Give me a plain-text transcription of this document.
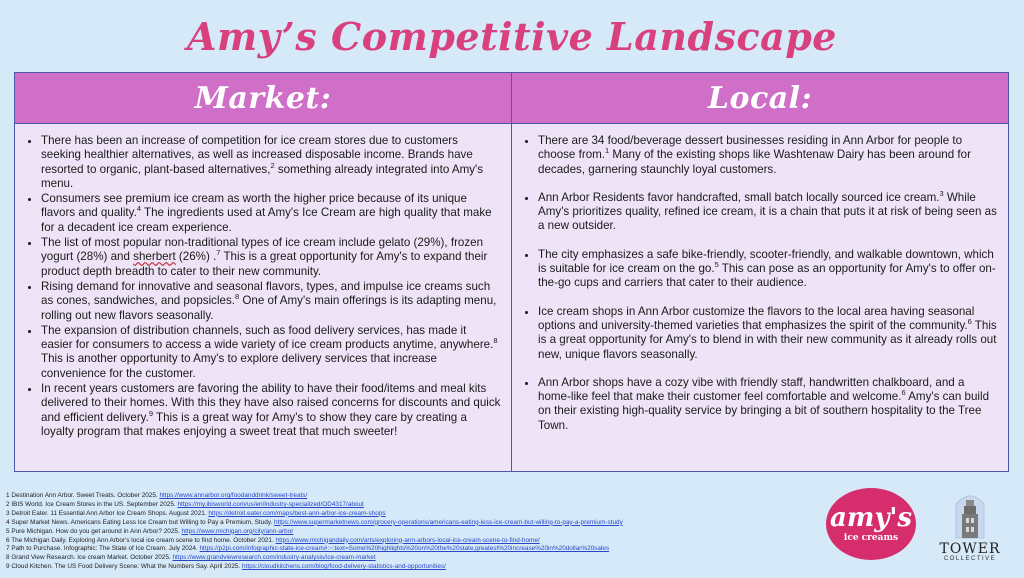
Amy’s Competitive Landscape
Market:	Local:
• There has been an increase of competition for ice cream stores due to customers seeking healthier alternatives, as well as increased disposable income. Brands have resorted to organic, plant-based alternatives,$^2$ something already integrated into Amy's menu.
• Consumers see premium ice cream as worth the higher price because of its unique flavors and quality.$^4$ The ingredients used at Amy's Ice Cream are high quality that make for a decadent ice cream experience.
• The list of most popular non-traditional types of ice cream include gelato (29%), frozen yogurt (28%) and sherbert (26%) .$^7$ This is a great opportunity for Amy's to expand their product depth breadth to cater to their new community.
• Rising demand for innovative and seasonal flavors, types, and impulse ice creams such as cones, sandwiches, and popsicles.$^8$ One of Amy's main offerings is its adapting menu, rolling out new flavors seasonally.
• The expansion of distribution channels, such as food delivery services, has made it easier for consumers to access a wide variety of ice cream products anytime, anywhere.$^8$ This is another opportunity to Amy's to explore delivery services that increase convenience for the customer.
• In recent years customers are favoring the ability to have their food/items and meal kits delivered to their homes. With this they have also raised concerns for discounts and quick and efficient delivery.$^9$ This is a great way for Amy's to show they care by creating a loyalty program that makes enjoying a sweet treat that much sweeter!
• There are 34 food/beverage dessert businesses residing in Ann Arbor for people to choose from.$^1$ Many of the existing shops like Washtenaw Dairy has been around for decades, garnering staunchly loyal customers.
• Ann Arbor Residents favor handcrafted, small batch locally sourced ice cream.$^3$ While Amy's prioritizes quality, refined ice cream, it is a chain that puts it at risk of being seen as a new outsider.
• The city emphasizes a safe bike-friendly, scooter-friendly, and walkable downtown, which is suitable for ice cream on the go.$^5$ This can pose as an opportunity for Amy's to offer on-the-go cups and carriers that cater to their audience.
• Ice cream shops in Ann Arbor customize the flavors to the local area having seasonal options and university-themed varieties that emphasizes the spirit of the community.$^6$ This is a great opportunity for Amy's to blend in with their new community as it already rolls out new, unique flavors seasonally.
• Ann Arbor shops have a cozy vibe with friendly staff, handwritten chalkboard, and a home-like feel that make their customer feel comfortable and welcome.$^6$ Amy's can build on their existing high-quality service by bringing a bit of southern hospitality to the Tree Town.
1 Destination Ann Arbor. Sweet Treats. October 2025. https://www.annarbor.org/foodanddrink/sweet-treats/
2 IBIS World. Ice Cream Stores in the US. September 2025. https://my.ibisworld.com/us/en/industry-specialized/OD4317/about
3 Detroit Eater. 11 Essential Ann Arbor Ice Cream Shops. August 2021. https://detroit.eater.com/maps/best-ann-arbor-ice-cream-shops
4 Super Market News. Americans Eating Less Ice Cream but Willing to Pay a Premium, Study. https://www.supermarketnews.com/grocery-operations/americans-eating-less-ice-cream-but-willing-to-pay-a-premium-study
5 Pure Michigan. How do you get around in Ann Arbor? 2025. https://www.michigan.org/city/ann-arbor
6 The Michigan Daily. Exploring Ann Arbor's local ice cream scene to find home. October 2021. https://www.michigandaily.com/arts/exploring-ann-arbors-local-ice-cream-scene-to-find-home/
7 Path to Purchase. Infographic: The State of Ice Cream. July 2024. https://p2pi.com/infographic-state-ice-cream#:~:text=Some%20highlights%20on%20the%20state,greatest%20increase%20in%20dollar%20sales
8 Grand View Research. Ice cream Market. October 2025. https://www.grandviewresearch.com/industry-analysis/ice-cream-market
9 Cloud Kitchen. The US Food Delivery Scene: What the Numbers Say. April 2025. https://cloudkitchens.com/blog/food-delivery-statistics-and-opportunities/
amy's
ice creams
TOWER
COLLECTIVE
